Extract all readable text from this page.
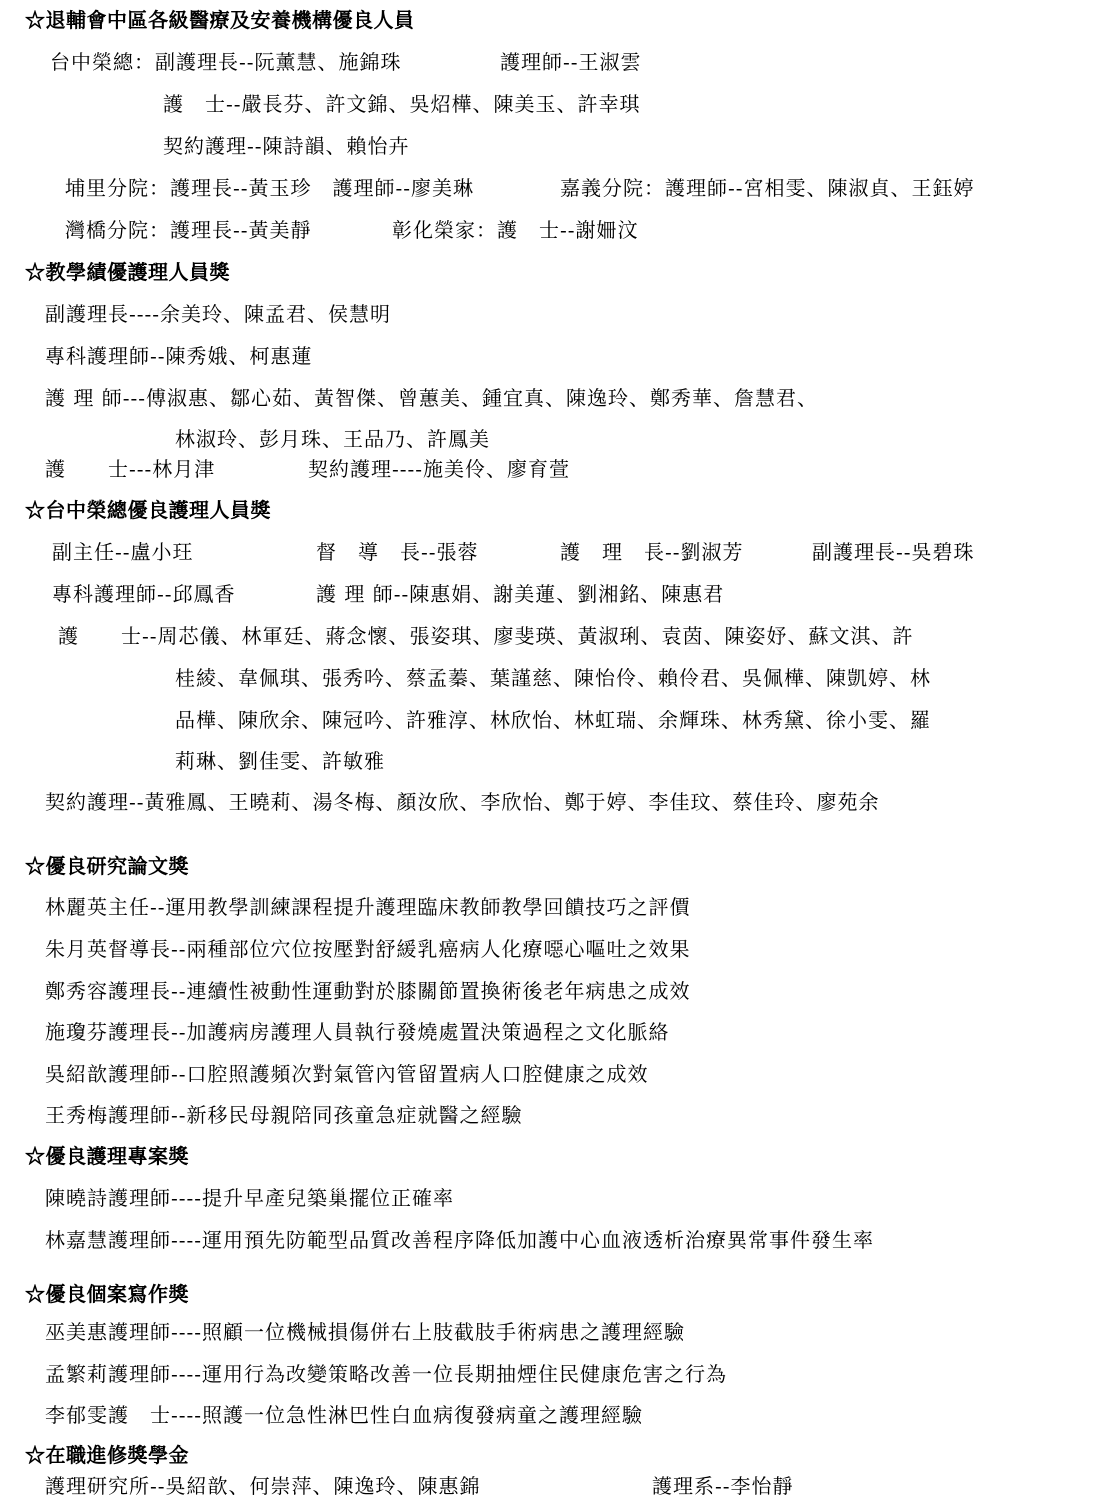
☆退輔會中區各級醫療及安養機構優良人員
台中榮總：副護理長--阮薰慧、施錦珠	護理師--王淑雲
護　士--嚴長芬、許文錦、吳炤樺、陳美玉、許幸琪
契約護理--陳詩韻、賴怡卉
埔里分院：護理長--黃玉珍　護理師--廖美琳	嘉義分院：護理師--宮相雯、陳淑貞、王鈺婷
灣橋分院：護理長--黃美靜	彰化榮家：護　士--謝姍汶
☆教學績優護理人員獎
副護理長----余美玲、陳孟君、侯慧明
專科護理師--陳秀娥、柯惠蓮
護 理 師---傅淑惠、鄒心茹、黃智傑、曾蕙美、鍾宜真、陳逸玲、鄭秀華、詹慧君、
林淑玲、彭月珠、王品乃、許鳳美
護　　士---林月津	契約護理----施美伶、廖育萱
☆台中榮總優良護理人員獎
副主任--盧小玨	督　導　長--張蓉	護　理　長--劉淑芳	副護理長--吳碧珠
專科護理師--邱鳳香	護 理 師--陳惠娟、謝美蓮、劉湘銘、陳惠君
護　　士--周芯儀、林軍廷、蔣念懷、張姿琪、廖斐瑛、黃淑琍、袁茵、陳姿妤、蘇文淇、許
桂綾、韋佩琪、張秀吟、蔡孟蓁、葉謹慈、陳怡伶、賴伶君、吳佩樺、陳凱婷、林
品樺、陳欣余、陳冠吟、許雅淳、林欣怡、林虹瑞、余輝珠、林秀黛、徐小雯、羅
莉琳、劉佳雯、許敏雅
契約護理--黃雅鳳、王曉莉、湯冬梅、顏汝欣、李欣怡、鄭于婷、李佳玟、蔡佳玲、廖苑余
☆優良研究論文獎
林麗英主任--運用教學訓練課程提升護理臨床教師教學回饋技巧之評價
朱月英督導長--兩種部位穴位按壓對舒緩乳癌病人化療噁心嘔吐之效果
鄭秀容護理長--連續性被動性運動對於膝關節置換術後老年病患之成效
施瓊芬護理長--加護病房護理人員執行發燒處置決策過程之文化脈絡
吳紹歆護理師--口腔照護頻次對氣管內管留置病人口腔健康之成效
王秀梅護理師--新移民母親陪同孩童急症就醫之經驗
☆優良護理專案獎
陳曉詩護理師----提升早產兒築巢擺位正確率
林嘉慧護理師----運用預先防範型品質改善程序降低加護中心血液透析治療異常事件發生率
☆優良個案寫作獎
巫美惠護理師----照顧一位機械損傷併右上肢截肢手術病患之護理經驗
孟繁莉護理師----運用行為改變策略改善一位長期抽煙住民健康危害之行為
李郁雯護　士----照護一位急性淋巴性白血病復發病童之護理經驗
☆在職進修獎學金
護理研究所--吳紹歆、何崇萍、陳逸玲、陳惠錦	護理系--李怡靜
